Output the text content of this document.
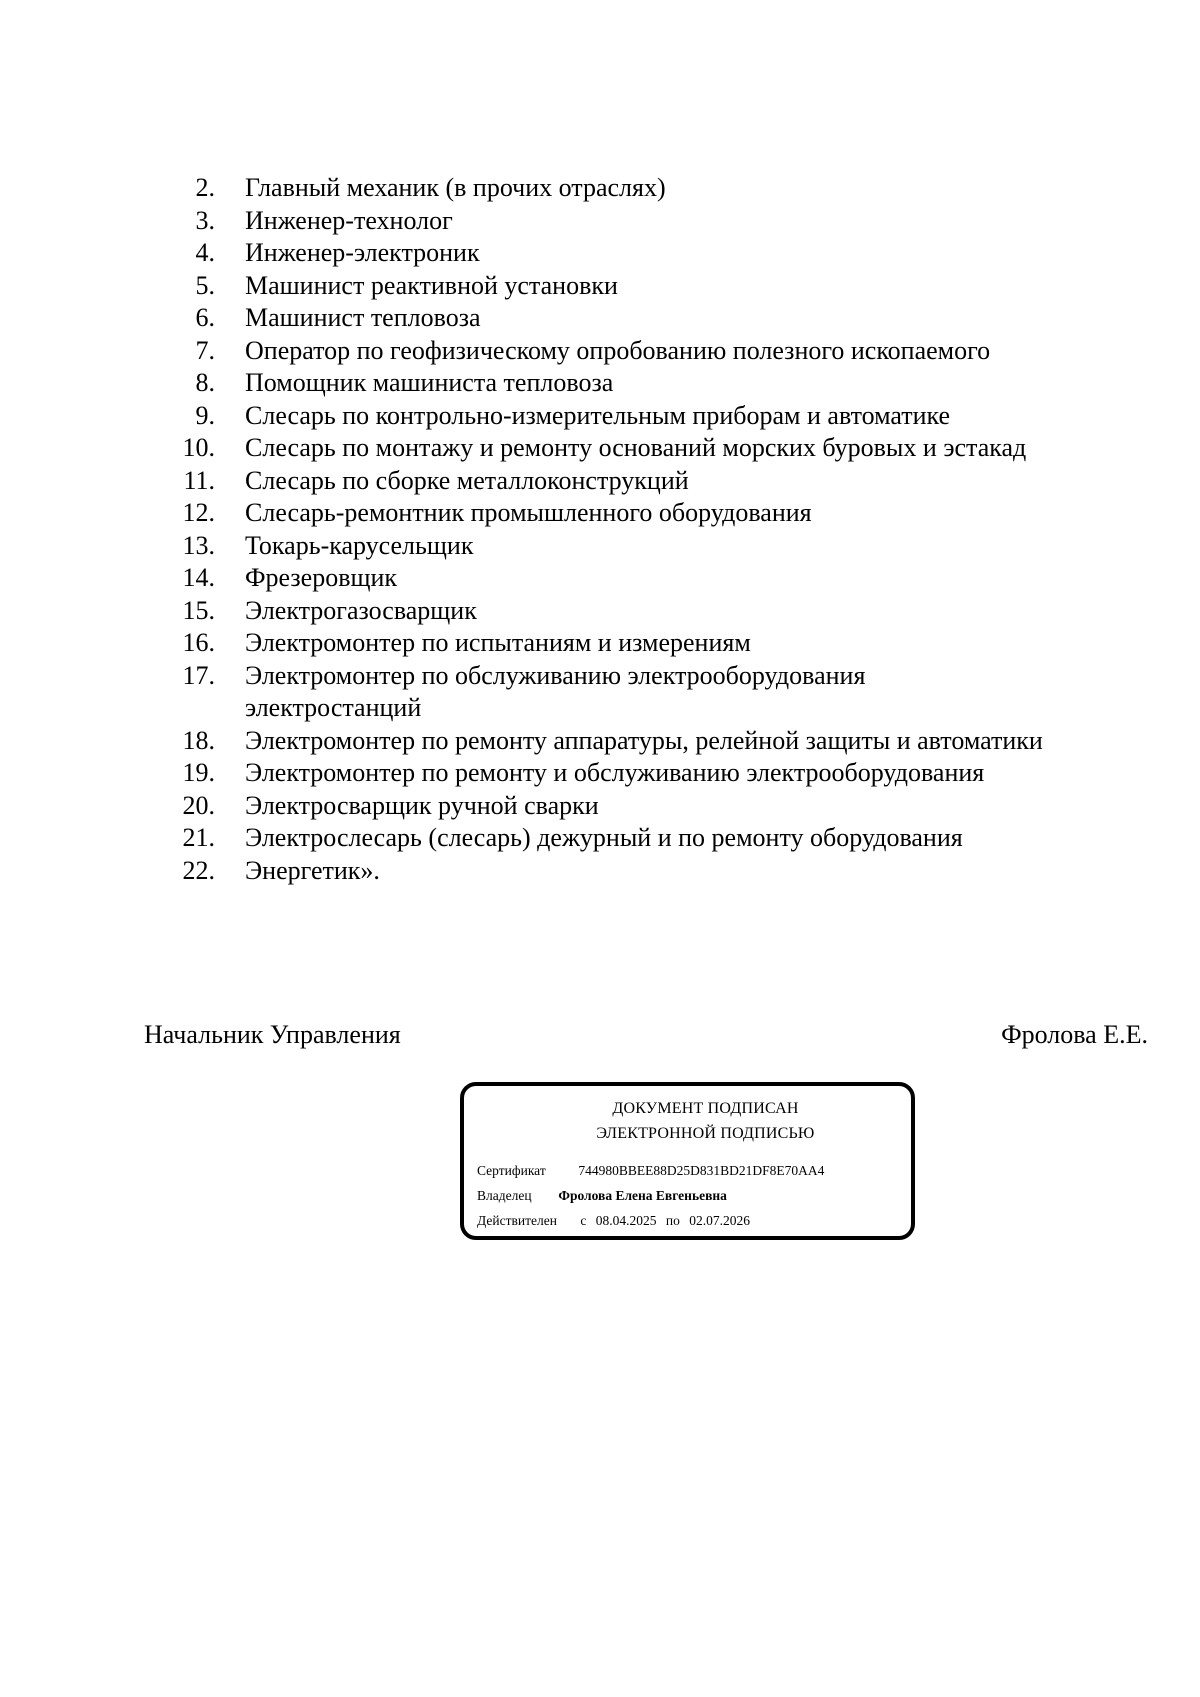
2. Главный механик (в прочих отраслях)
3. Инженер-технолог
4. Инженер-электроник
5. Машинист реактивной установки
6. Машинист тепловоза
7. Оператор по геофизическому опробованию полезного ископаемого
8. Помощник машиниста тепловоза
9. Слесарь по контрольно-измерительным приборам и автоматике
10. Слесарь по монтажу и ремонту оснований морских буровых и эстакад
11. Слесарь по сборке металлоконструкций
12. Слесарь-ремонтник промышленного оборудования
13. Токарь-карусельщик
14. Фрезеровщик
15. Электрогазосварщик
16. Электромонтер по испытаниям и измерениям
17. Электромонтер по обслуживанию электрооборудования электростанций
18. Электромонтер по ремонту аппаратуры, релейной защиты и автоматики
19. Электромонтер по ремонту и обслуживанию электрооборудования
20. Электросварщик ручной сварки
21. Электрослесарь (слесарь) дежурный и по ремонту оборудования
22. Энергетик».
Начальник Управления	Фролова Е.Е.
ДОКУМЕНТ ПОДПИСАН
ЭЛЕКТРОННОЙ ПОДПИСЬЮ
Сертификат 744980BBEE88D25D831BD21DF8E70AA4
Владелец Фролова Елена Евгеньевна
Действителен с 08.04.2025 по 02.07.2026
